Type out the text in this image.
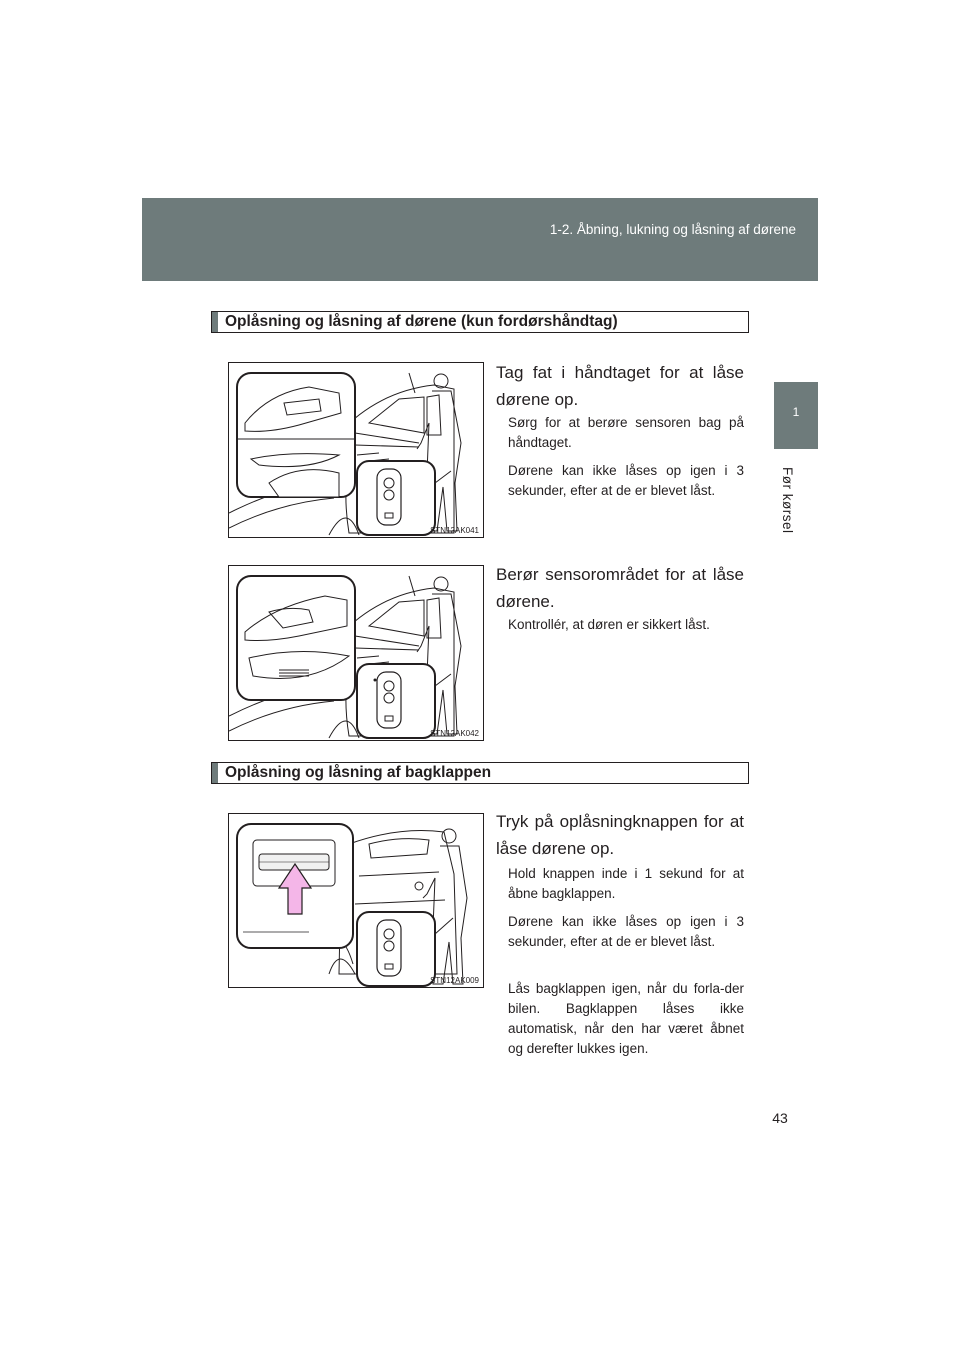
1-2. Åbning, lukning og låsning af dørene
1
Før kørsel
Oplåsning og låsning af dørene (kun fordørshåndtag)
STN12AK041
Tag fat i håndtaget for at låse dørene op.
Sørg for at berøre sensoren bag på håndtaget.
Dørene kan ikke låses op igen i 3 sekunder, efter at de er blevet låst.
STN12AK042
Berør sensorområdet for at låse dørene.
Kontrollér, at døren er sikkert låst.
Oplåsning og låsning af bagklappen
STN12AK009
Tryk på oplåsningknappen for at låse dørene op.
Hold knappen inde i 1 sekund for at åbne bagklappen.
Dørene kan ikke låses op igen i 3 sekunder, efter at de er blevet låst.
Lås bagklappen igen, når du forla-der bilen. Bagklappen låses ikke automatisk, når den har været åbnet og derefter lukkes igen.
43
